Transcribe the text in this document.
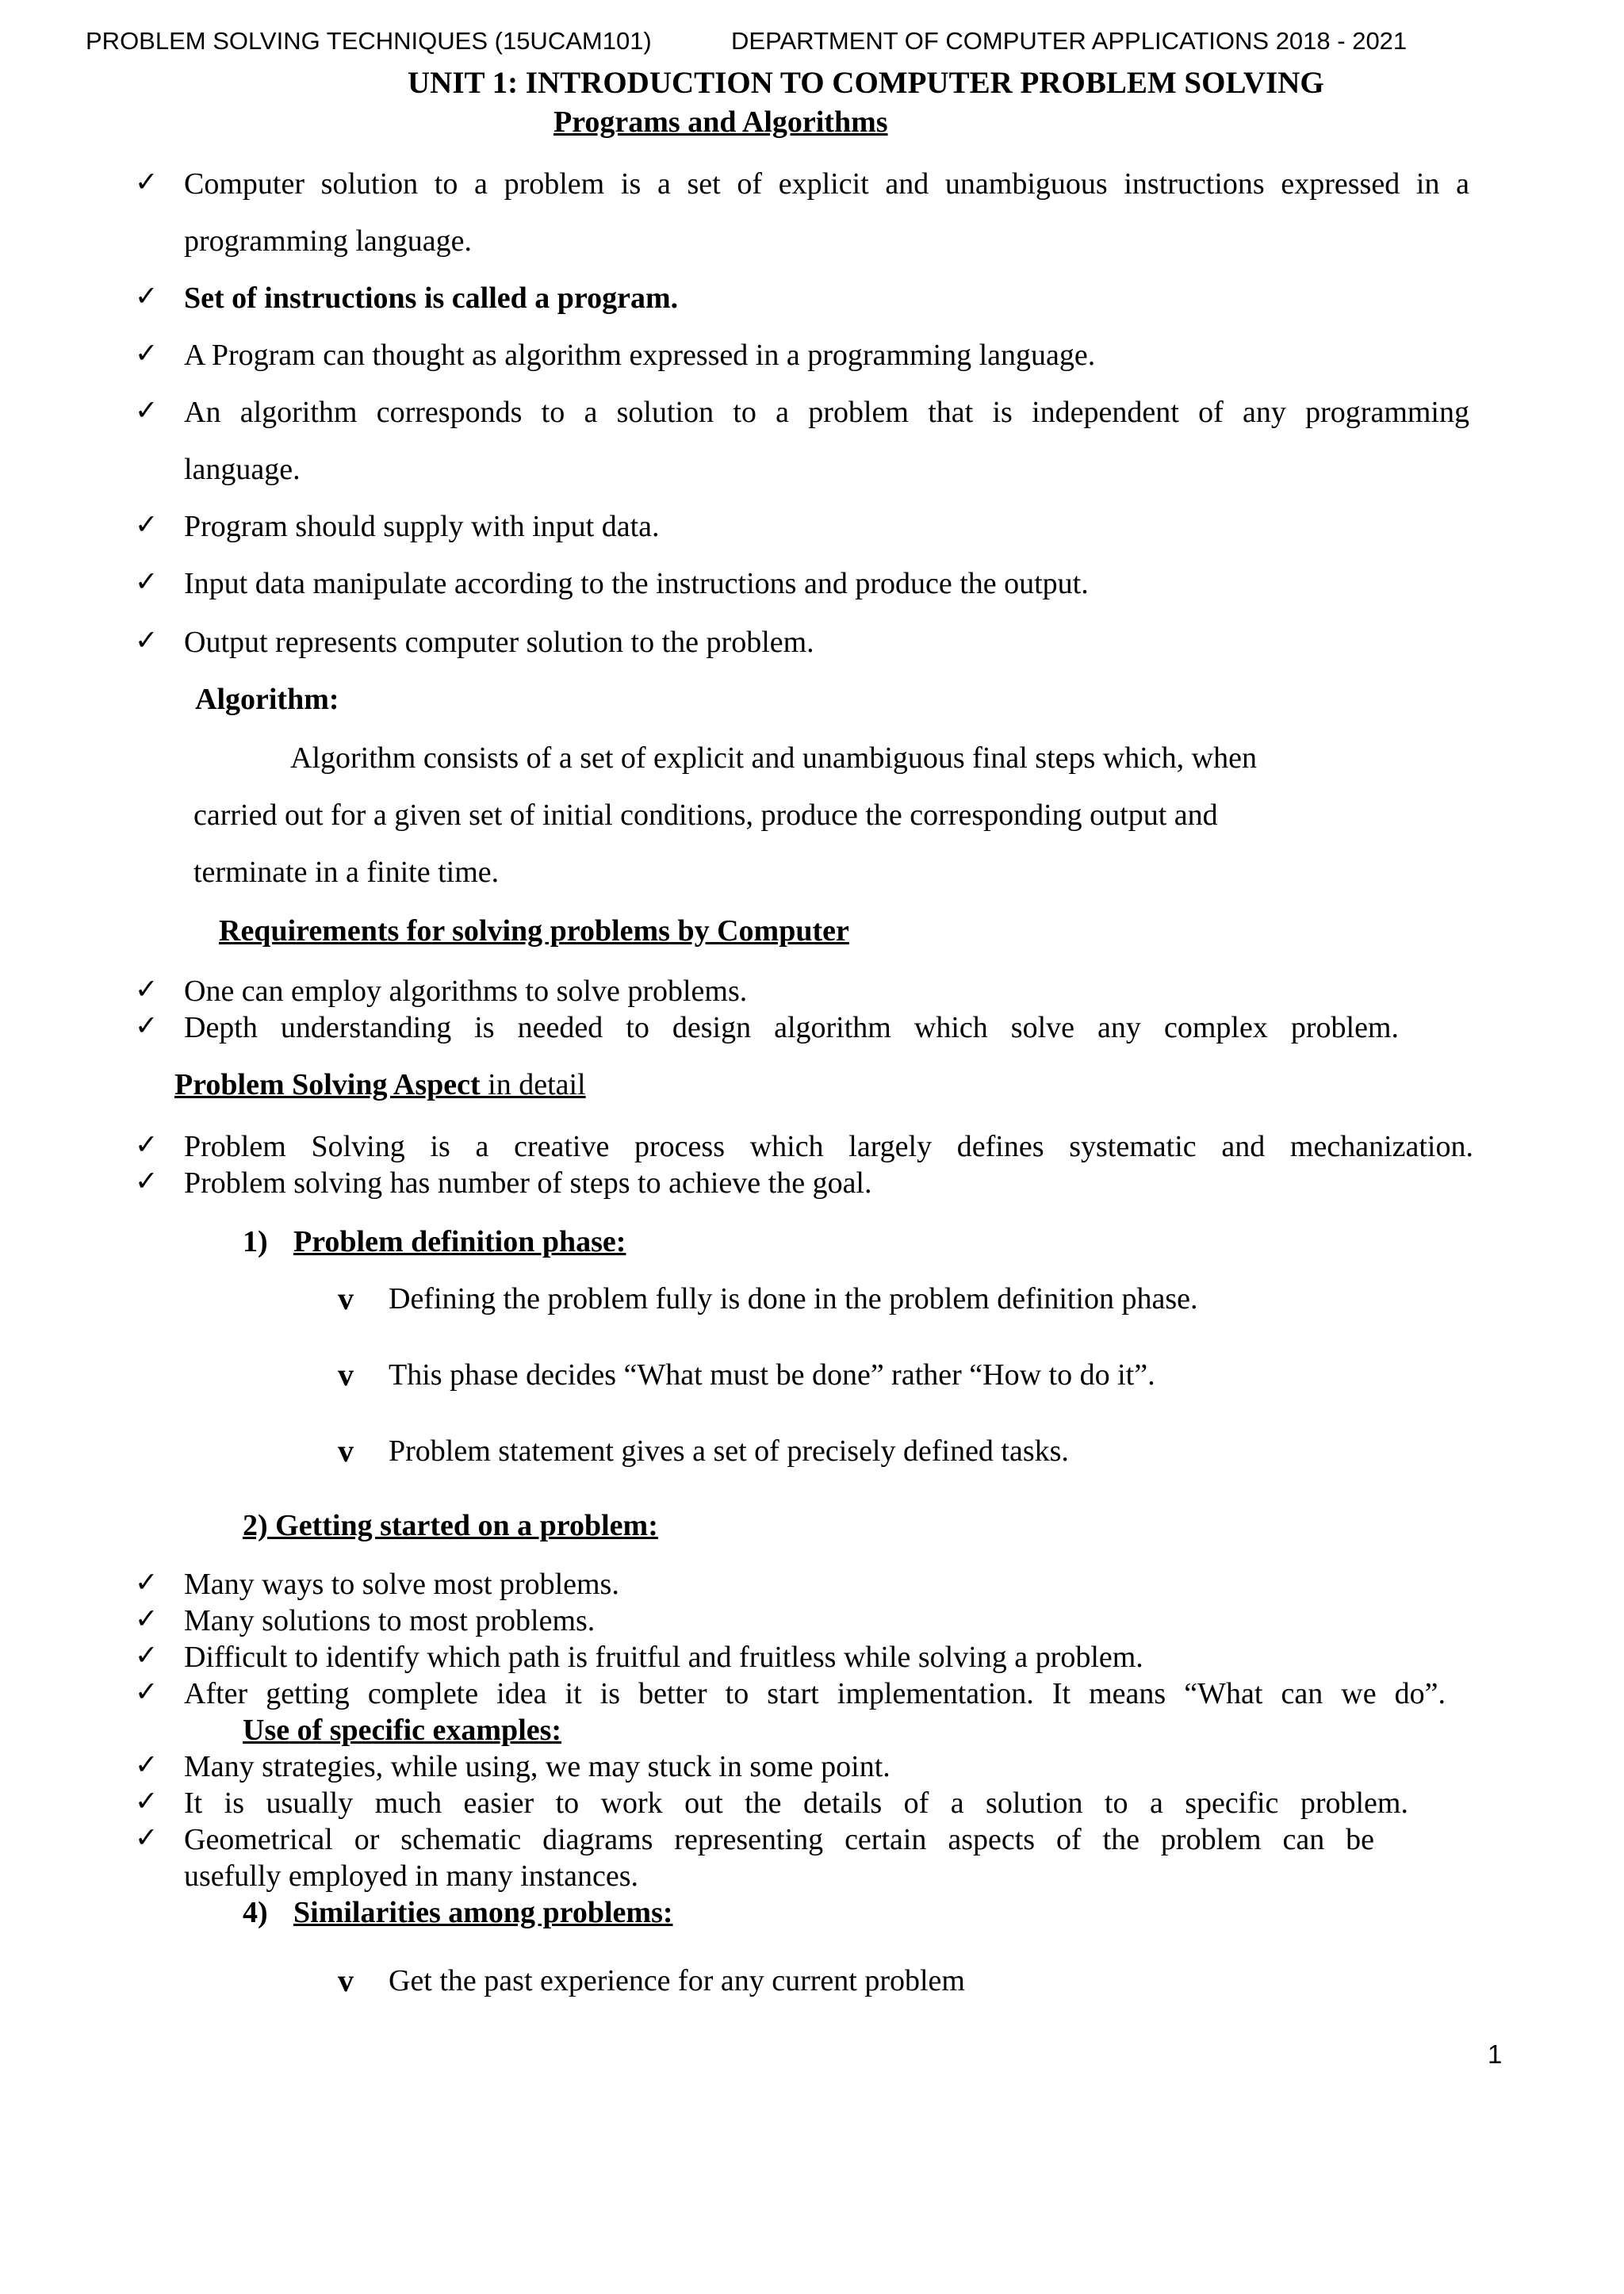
PROBLEM SOLVING TECHNIQUES (15UCAM101)	DEPARTMENT OF COMPUTER APPLICATIONS 2018 - 2021
UNIT 1: INTRODUCTION TO COMPUTER PROBLEM SOLVING
Programs and Algorithms
✓ Computer solution to a problem is a set of explicit and unambiguous instructions expressed in a
programming language.
✓ Set of instructions is called a program.
✓ A Program can thought as algorithm expressed in a programming language.
✓ An algorithm corresponds to a solution to a problem that is independent of any programming
language.
✓ Program should supply with input data.
✓ Input data manipulate according to the instructions and produce the output.
✓ Output represents computer solution to the problem.
Algorithm:
Algorithm consists of a set of explicit and unambiguous final steps which, when
carried out for a given set of initial conditions, produce the corresponding output and
terminate in a finite time.
Requirements for solving problems by Computer
✓ One can employ algorithms to solve problems.
✓ Depth understanding is needed to design algorithm which solve any complex problem.
Problem Solving Aspect in detail
✓ Problem Solving is a creative process which largely defines systematic and mechanization.
✓ Problem solving has number of steps to achieve the goal.
1) Problem definition phase:
v Defining the problem fully is done in the problem definition phase.
v This phase decides “What must be done” rather “How to do it”.
v Problem statement gives a set of precisely defined tasks.
2) Getting started on a problem:
✓ Many ways to solve most problems.
✓ Many solutions to most problems.
✓ Difficult to identify which path is fruitful and fruitless while solving a problem.
✓ After getting complete idea it is better to start implementation. It means “What can we do”.
Use of specific examples:
✓ Many strategies, while using, we may stuck in some point.
✓ It is usually much easier to work out the details of a solution to a specific problem.
✓ Geometrical or schematic diagrams representing certain aspects of the problem can be
usefully employed in many instances.
4) Similarities among problems:
v Get the past experience for any current problem
1
